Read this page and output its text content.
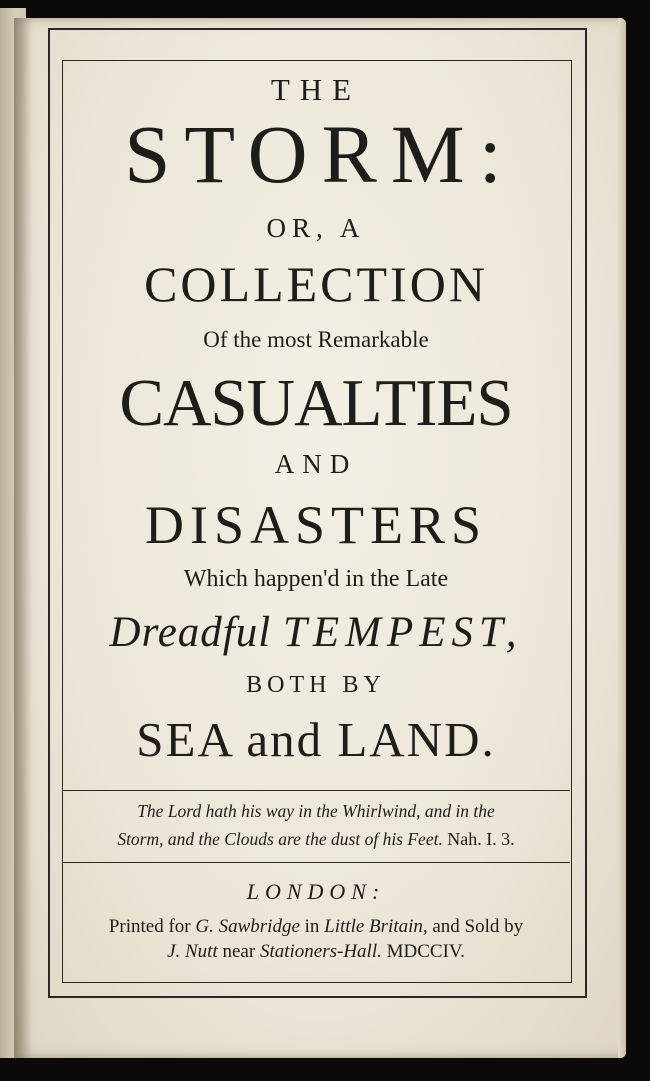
THE
STORM:
OR, A
COLLECTION
Of the most Remarkable
CASUALTIES
AND
DISASTERS
Which happen'd in the Late
Dreadful TEMPEST,
BOTH BY
SEA and LAND.
The Lord hath his way in the Whirlwind, and in the
Storm, and the Clouds are the dust of his Feet. Nah. I. 3.
LONDON:
Printed for G. Sawbridge in Little Britain, and Sold by
J. Nutt near Stationers-Hall. MDCCIV.
